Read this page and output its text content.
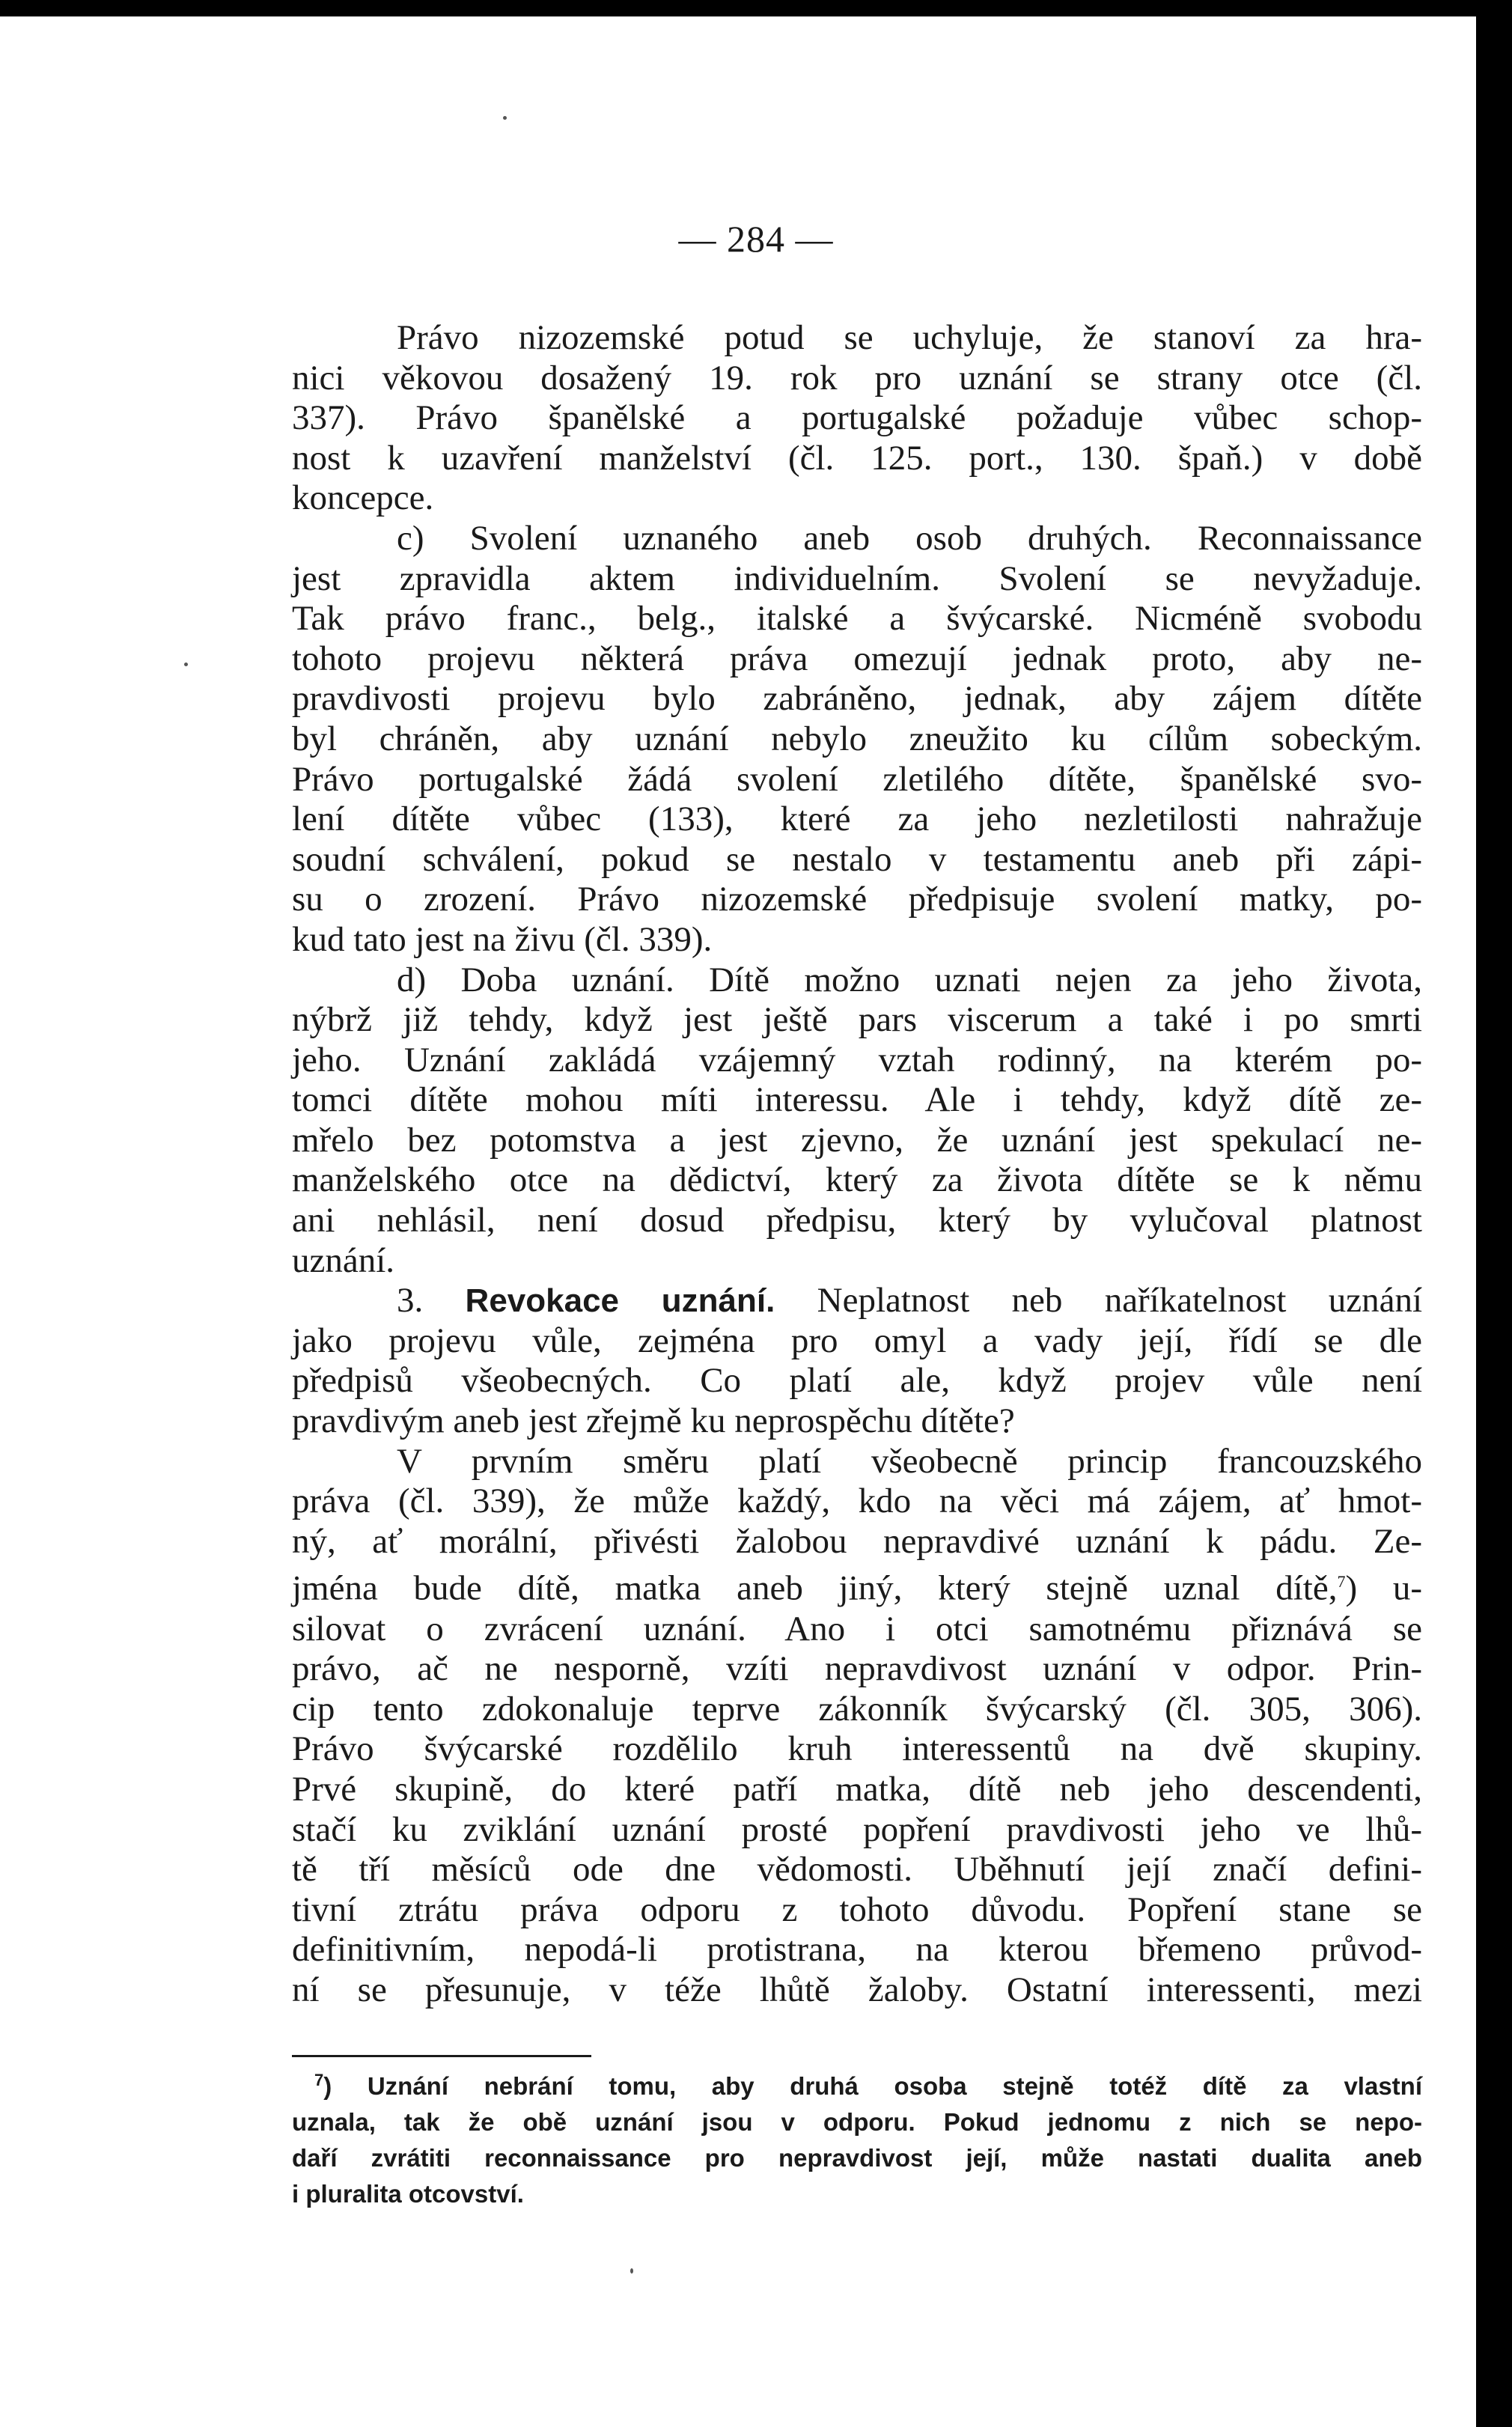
— 284 —
Právo nizozemské potud se uchyluje, že stanoví za hra-
nici věkovou dosažený 19. rok pro uznání se strany otce (čl.
337). Právo španělské a portugalské požaduje vůbec schop-
nost k uzavření manželství (čl. 125. port., 130. špaň.) v době
koncepce.
c) Svolení uznaného aneb osob druhých. Reconnaissance
jest zpravidla aktem individuelním. Svolení se nevyžaduje.
Tak právo franc., belg., italské a švýcarské. Nicméně svobodu
tohoto projevu některá práva omezují jednak proto, aby ne-
pravdivosti projevu bylo zabráněno, jednak, aby zájem dítěte
byl chráněn, aby uznání nebylo zneužito ku cílům sobeckým.
Právo portugalské žádá svolení zletilého dítěte, španělské svo-
lení dítěte vůbec (133), které za jeho nezletilosti nahražuje
soudní schválení, pokud se nestalo v testamentu aneb při zápi-
su o zrození. Právo nizozemské předpisuje svolení matky, po-
kud tato jest na živu (čl. 339).
d) Doba uznání. Dítě možno uznati nejen za jeho života,
nýbrž již tehdy, když jest ještě pars viscerum a také i po smrti
jeho. Uznání zakládá vzájemný vztah rodinný, na kterém po-
tomci dítěte mohou míti interessu. Ale i tehdy, když dítě ze-
mřelo bez potomstva a jest zjevno, že uznání jest spekulací ne-
manželského otce na dědictví, který za života dítěte se k němu
ani nehlásil, není dosud předpisu, který by vylučoval platnost
uznání.
3. Revokace uznání. Neplatnost neb naříkatelnost uznání
jako projevu vůle, zejména pro omyl a vady její, řídí se dle
předpisů všeobecných. Co platí ale, když projev vůle není
pravdivým aneb jest zřejmě ku neprospěchu dítěte?
V prvním směru platí všeobecně princip francouzského
práva (čl. 339), že může každý, kdo na věci má zájem, ať hmot-
ný, ať morální, přivésti žalobou nepravdivé uznání k pádu. Ze-
jména bude dítě, matka aneb jiný, který stejně uznal dítě,$^7$) u-
silovat o zvrácení uznání. Ano i otci samotnému přiznává se
právo, ač ne nesporně, vzíti nepravdivost uznání v odpor. Prin-
cip tento zdokonaluje teprve zákonník švýcarský (čl. 305, 306).
Právo švýcarské rozdělilo kruh interessentů na dvě skupiny.
Prvé skupině, do které patří matka, dítě neb jeho descendenti,
stačí ku zviklání uznání prosté popření pravdivosti jeho ve lhů-
tě tří měsíců ode dne vědomosti. Uběhnutí její značí defini-
tivní ztrátu práva odporu z tohoto důvodu. Popření stane se
definitivním, nepodá-li protistrana, na kterou břemeno průvod-
ní se přesunuje, v téže lhůtě žaloby. Ostatní interessenti, mezi
$^7$) Uznání nebrání tomu, aby druhá osoba stejně totéž dítě za vlastní
uznala, tak že obě uznání jsou v odporu. Pokud jednomu z nich se nepo-
daří zvrátiti reconnaissance pro nepravdivost její, může nastati dualita aneb
i pluralita otcovství.
